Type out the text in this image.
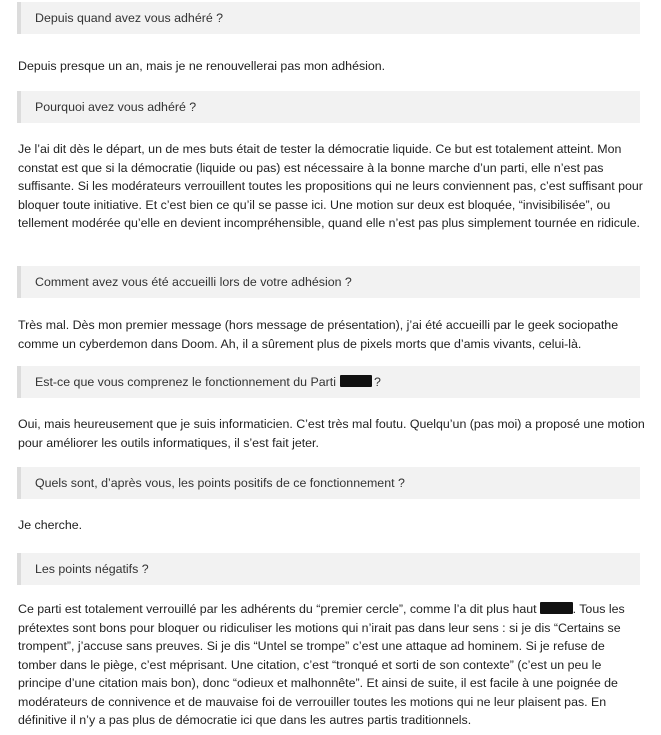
Depuis quand avez vous adhéré ?

Depuis presque un an, mais je ne renouvellerai pas mon adhésion.

Pourquoi avez vous adhéré ?

Je l’ai dit dès le départ, un de mes buts était de tester la démocratie liquide. Ce but est totalement atteint. Mon constat est que si la démocratie (liquide ou pas) est nécessaire à la bonne marche d’un parti, elle n’est pas suffisante. Si les modérateurs verrouillent toutes les propositions qui ne leurs conviennent pas, c’est suffisant pour bloquer toute initiative. Et c’est bien ce qu’il se passe ici. Une motion sur deux est bloquée, “invisibilisée”, ou tellement modérée qu’elle en devient incompréhensible, quand elle n’est pas plus simplement tournée en ridicule.

Comment avez vous été accueilli lors de votre adhésion ?

Très mal. Dès mon premier message (hors message de présentation), j’ai été accueilli par le geek sociopathe comme un cyberdemon dans Doom. Ah, il a sûrement plus de pixels morts que d’amis vivants, celui-là.

Est-ce que vous comprenez le fonctionnement du Parti	?

Oui, mais heureusement que je suis informaticien. C’est très mal foutu. Quelqu’un (pas moi) a proposé une motion pour améliorer les outils informatiques, il s’est fait jeter.

Quels sont, d’après vous, les points positifs de ce fonctionnement ?

Je cherche.

Les points négatifs ?

Ce parti est totalement verrouillé par les adhérents du “premier cercle”, comme l’a dit plus haut	. Tous les prétextes sont bons pour bloquer ou ridiculiser les motions qui n’irait pas dans leur sens : si je dis “Certains se trompent”, j’accuse sans preuves. Si je dis “Untel se trompe” c’est une attaque ad hominem. Si je refuse de tomber dans le piège, c’est méprisant. Une citation, c’est “tronqué et sorti de son contexte” (c’est un peu le principe d’une citation mais bon), donc “odieux et malhonnête”. Et ainsi de suite, il est facile à une poignée de modérateurs de connivence et de mauvaise foi de verrouiller toutes les motions qui ne leur plaisent pas. En définitive il n’y a pas plus de démocratie ici que dans les autres partis traditionnels.
